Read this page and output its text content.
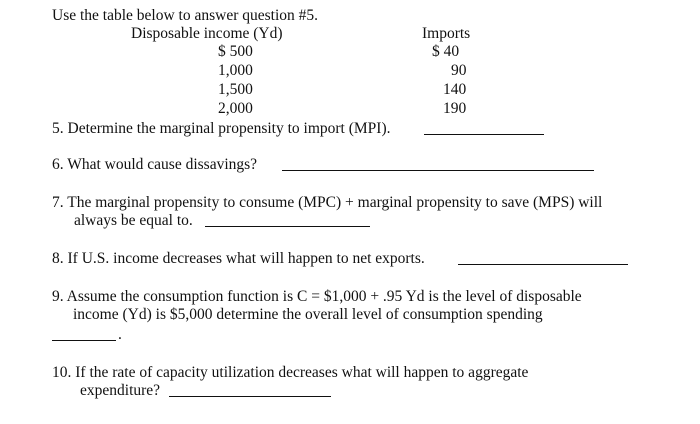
Use the table below to answer question #5.
Disposable income (Yd)	Imports
$ 500	$ 40
1,000	90
1,500	140
2,000	190
5. Determine the marginal propensity to import (MPI).
6. What would cause dissavings?
7. The marginal propensity to consume (MPC) + marginal propensity to save (MPS) will
always be equal to.
8. If U.S. income decreases what will happen to net exports.
9. Assume the consumption function is C = $1,000 + .95 Yd is the level of disposable
income (Yd) is $5,000 determine the overall level of consumption spending
.
10. If the rate of capacity utilization decreases what will happen to aggregate
expenditure?
